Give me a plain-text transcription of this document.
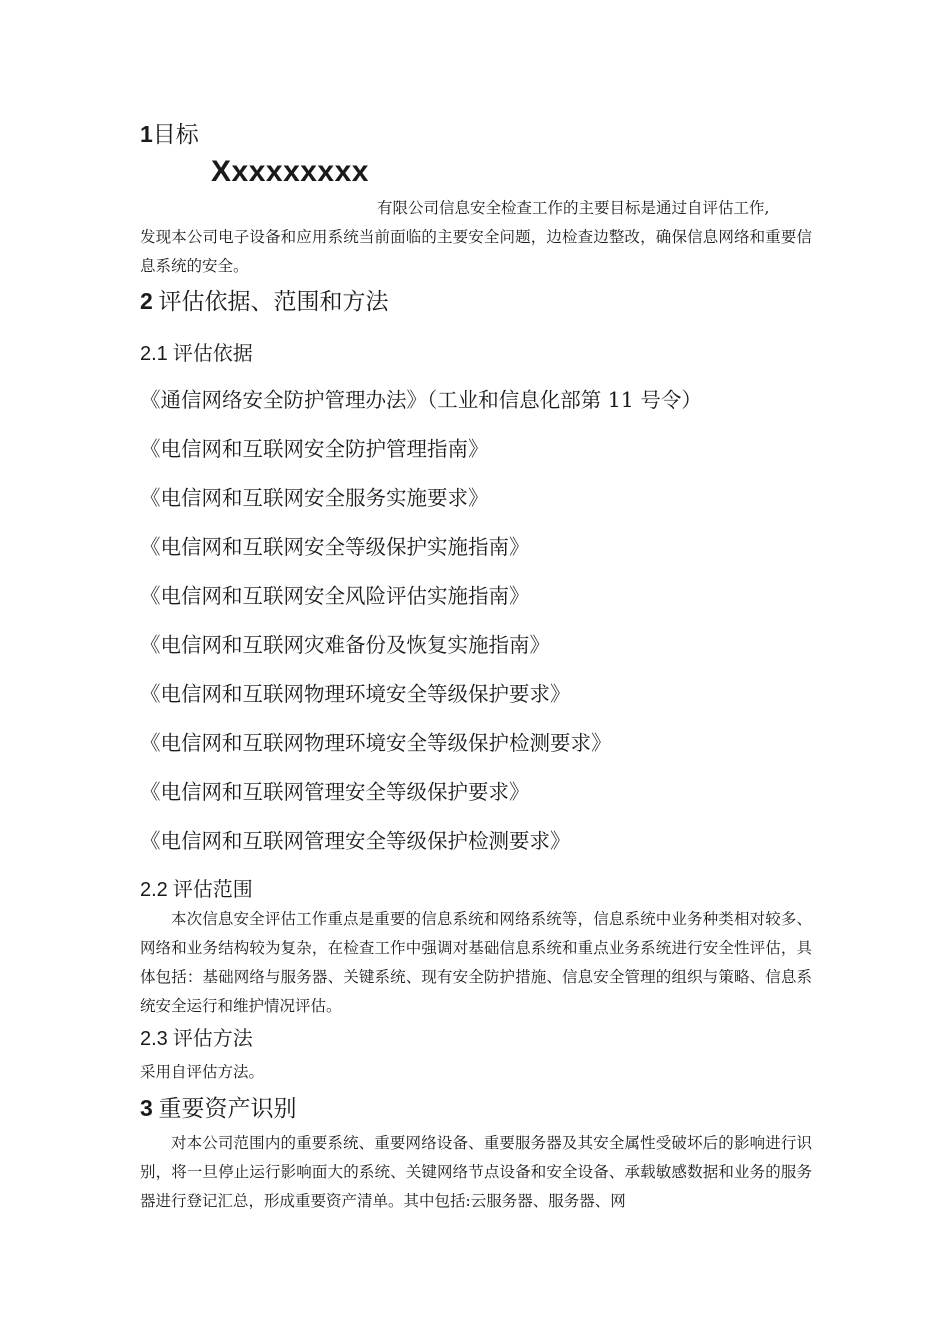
1目标
Xxxxxxxxx
有限公司信息安全检查工作的主要目标是通过自评估工作,
发现本公司电子设备和应用系统当前面临的主要安全问题，边检查边整改，确保信息网络和重要信息系统的安全。
2 评估依据、范围和方法
2.1 评估依据
《通信网络安全防护管理办法》（工业和信息化部第 11 号令）
《电信网和互联网安全防护管理指南》
《电信网和互联网安全服务实施要求》
《电信网和互联网安全等级保护实施指南》
《电信网和互联网安全风险评估实施指南》
《电信网和互联网灾难备份及恢复实施指南》
《电信网和互联网物理环境安全等级保护要求》
《电信网和互联网物理环境安全等级保护检测要求》
《电信网和互联网管理安全等级保护要求》
《电信网和互联网管理安全等级保护检测要求》
2.2 评估范围
本次信息安全评估工作重点是重要的信息系统和网络系统等，信息系统中业务种类相对较多、网络和业务结构较为复杂，在检查工作中强调对基础信息系统和重点业务系统进行安全性评估，具体包括：基础网络与服务器、关键系统、现有安全防护措施、信息安全管理的组织与策略、信息系统安全运行和维护情况评估。
2.3 评估方法
采用自评估方法。
3 重要资产识别
对本公司范围内的重要系统、重要网络设备、重要服务器及其安全属性受破坏后的影响进行识别，将一旦停止运行影响面大的系统、关键网络节点设备和安全设备、承载敏感数据和业务的服务器进行登记汇总，形成重要资产清单。其中包括:云服务器、服务器、网
